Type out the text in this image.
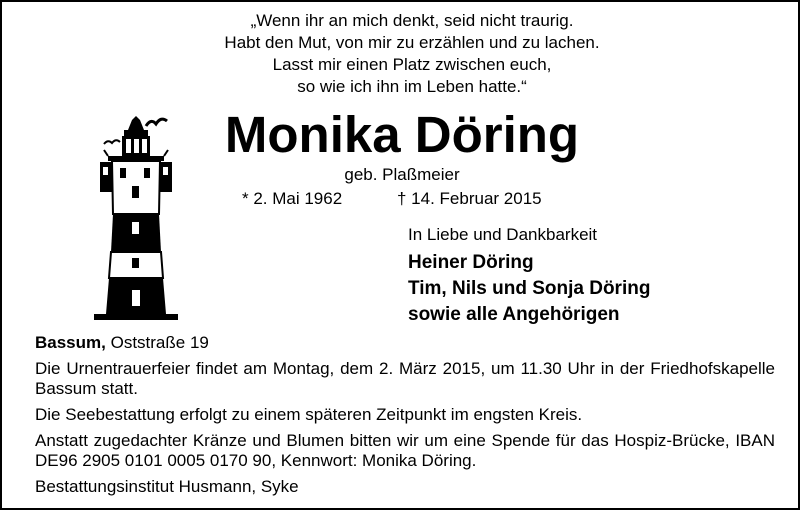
„Wenn ihr an mich denkt, seid nicht traurig.
Habt den Mut, von mir zu erzählen und zu lachen.
Lasst mir einen Platz zwischen euch,
so wie ich ihn im Leben hatte.“
Monika Döring
geb. Plaßmeier
* 2. Mai 1962	† 14. Februar 2015
In Liebe und Dankbarkeit
Heiner Döring
Tim, Nils und Sonja Döring
sowie alle Angehörigen

Bassum, Oststraße 19

Die Urnentrauerfeier findet am Montag, dem 2. März 2015, um 11.30 Uhr in der Friedhofskapelle Bassum statt.

Die Seebestattung erfolgt zu einem späteren Zeitpunkt im engsten Kreis.

Anstatt zugedachter Kränze und Blumen bitten wir um eine Spende für das Hospiz-Brücke, IBAN DE96 2905 0101 0005 0170 90, Kennwort: Monika Döring.

Bestattungsinstitut Husmann, Syke
